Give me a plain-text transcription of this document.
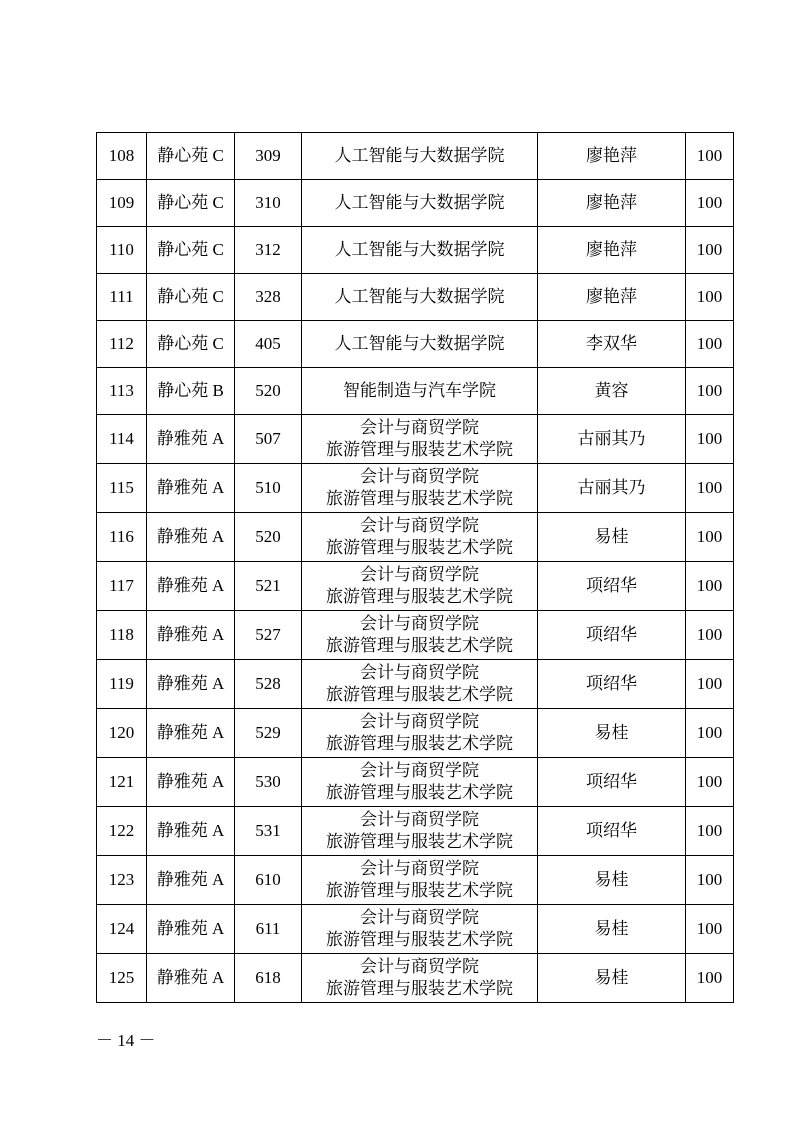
108	静心苑 C	309	人工智能与大数据学院	廖艳萍	100
109	静心苑 C	310	人工智能与大数据学院	廖艳萍	100
110	静心苑 C	312	人工智能与大数据学院	廖艳萍	100
111	静心苑 C	328	人工智能与大数据学院	廖艳萍	100
112	静心苑 C	405	人工智能与大数据学院	李双华	100
113	静心苑 B	520	智能制造与汽车学院	黄容	100
114	静雅苑 A	507	会计与商贸学院
旅游管理与服装艺术学院	古丽其乃	100
115	静雅苑 A	510	会计与商贸学院
旅游管理与服装艺术学院	古丽其乃	100
116	静雅苑 A	520	会计与商贸学院
旅游管理与服装艺术学院	易桂	100
117	静雅苑 A	521	会计与商贸学院
旅游管理与服装艺术学院	项绍华	100
118	静雅苑 A	527	会计与商贸学院
旅游管理与服装艺术学院	项绍华	100
119	静雅苑 A	528	会计与商贸学院
旅游管理与服装艺术学院	项绍华	100
120	静雅苑 A	529	会计与商贸学院
旅游管理与服装艺术学院	易桂	100
121	静雅苑 A	530	会计与商贸学院
旅游管理与服装艺术学院	项绍华	100
122	静雅苑 A	531	会计与商贸学院
旅游管理与服装艺术学院	项绍华	100
123	静雅苑 A	610	会计与商贸学院
旅游管理与服装艺术学院	易桂	100
124	静雅苑 A	611	会计与商贸学院
旅游管理与服装艺术学院	易桂	100
125	静雅苑 A	618	会计与商贸学院
旅游管理与服装艺术学院	易桂	100
－ 14 －
